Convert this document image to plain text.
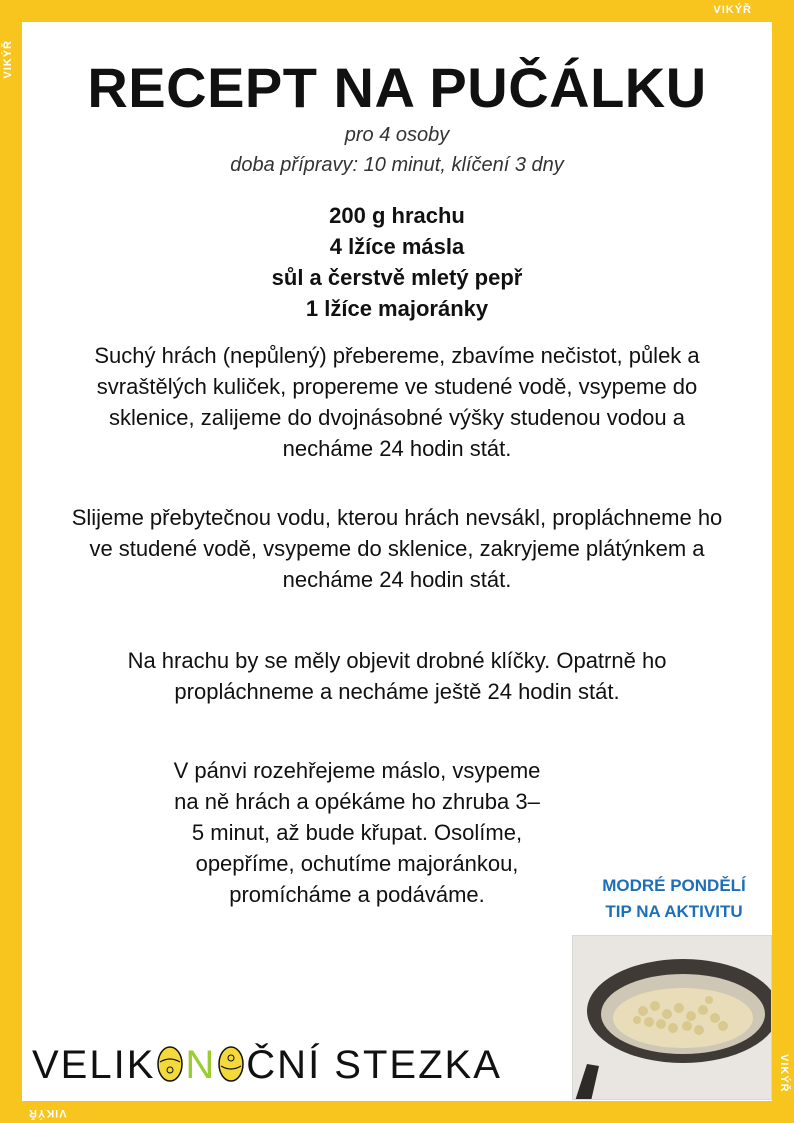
VIKÝŘ
VIKÝŘ
VIKÝŘ
VIKÝŘ
RECEPT NA PUČÁLKU
pro 4 osoby
doba přípravy: 10 minut, klíčení 3 dny
200 g hrachu
4 lžíce másla
sůl a čerstvě mletý pepř
1 lžíce majoránky
Suchý hrách (nepůlený) přebereme, zbavíme nečistot, půlek a svraštělých kuliček, propereme ve studené vodě, vsypeme do sklenice, zalijeme do dvojnásobné výšky studenou vodou a necháme 24 hodin stát.
Slijeme přebytečnou vodu, kterou hrách nevsákl, propláchneme ho ve studené vodě, vsypeme do sklenice, zakryjeme plátýnkem a necháme 24 hodin stát.
Na hrachu by se měly objevit drobné klíčky. Opatrně ho propláchneme a necháme ještě 24 hodin stát.
V pánvi rozehřejeme máslo, vsypeme na ně hrách a opékáme ho zhruba 3–5 minut, až bude křupat. Osolíme, opepříme, ochutíme majoránkou, promícháme a podáváme.	MODRÉ PONDĚLÍ
TIP NA AKTIVITU
VELIK N ČNÍ STEZKA
